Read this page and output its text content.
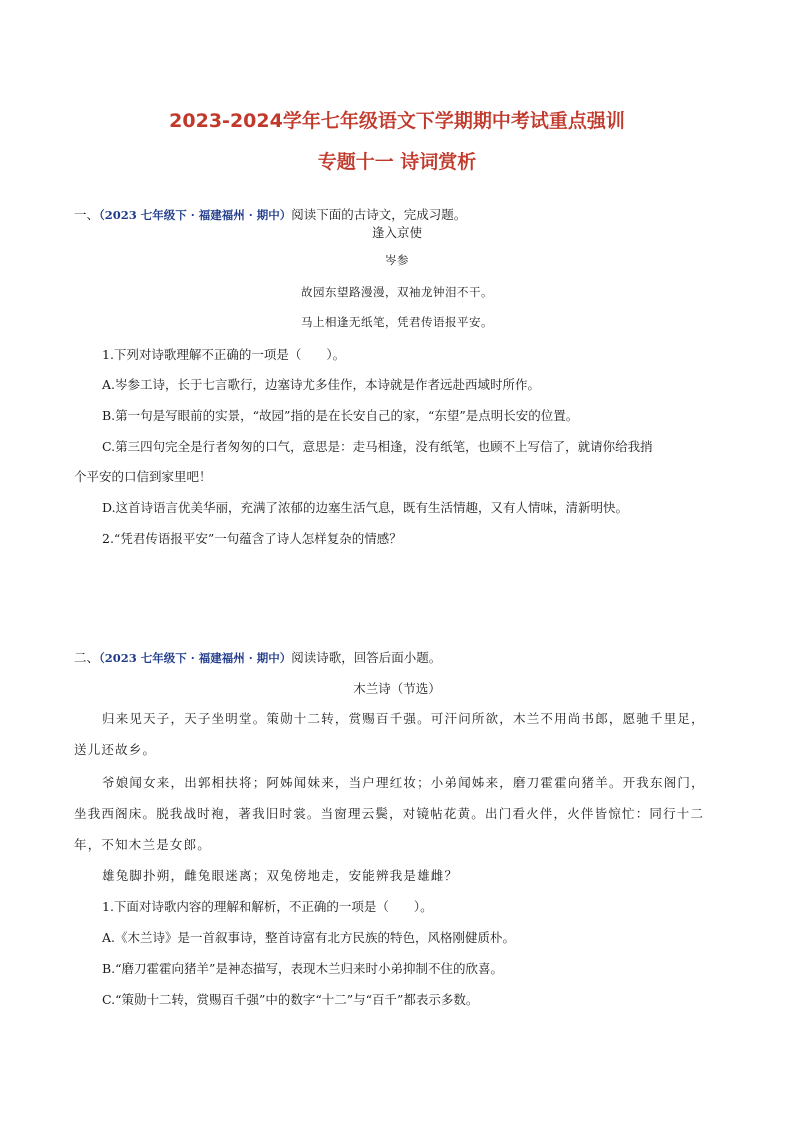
2023-2024学年七年级语文下学期期中考试重点强训
专题十一 诗词赏析
一、（2023 七年级下 · 福建福州 · 期中）阅读下面的古诗文，完成习题。
逢入京使
岑参
故园东望路漫漫，双袖龙钟泪不干。
马上相逢无纸笔，凭君传语报平安。
1.下列对诗歌理解不正确的一项是（　　）。
A.岑参工诗，长于七言歌行，边塞诗尤多佳作，本诗就是作者远赴西域时所作。
B.第一句是写眼前的实景，“故园”指的是在长安自己的家，“东望”是点明长安的位置。
C.第三四句完全是行者匆匆的口气，意思是：走马相逢，没有纸笔，也顾不上写信了，就请你给我捎
个平安的口信到家里吧！
D.这首诗语言优美华丽，充满了浓郁的边塞生活气息，既有生活情趣，又有人情味，清新明快。
2.“凭君传语报平安”一句蕴含了诗人怎样复杂的情感？
二、（2023 七年级下 · 福建福州 · 期中）阅读诗歌，回答后面小题。
木兰诗（节选）
归来见天子，天子坐明堂。策勋十二转，赏赐百千强。可汗问所欲，木兰不用尚书郎，愿驰千里足，
送儿还故乡。
爷娘闻女来，出郭相扶将；阿姊闻妹来，当户理红妆；小弟闻姊来，磨刀霍霍向猪羊。开我东阁门，
坐我西阁床。脱我战时袍，著我旧时裳。当窗理云鬓，对镜帖花黄。出门看火伴，火伴皆惊忙：同行十二
年，不知木兰是女郎。
雄兔脚扑朔，雌兔眼迷离；双兔傍地走，安能辨我是雄雌？
1.下面对诗歌内容的理解和解析，不正确的一项是（　　）。
A.《木兰诗》是一首叙事诗，整首诗富有北方民族的特色，风格刚健质朴。
B.“磨刀霍霍向猪羊”是神态描写，表现木兰归来时小弟抑制不住的欣喜。
C.“策勋十二转，赏赐百千强”中的数字“十二”与“百千”都表示多数。
